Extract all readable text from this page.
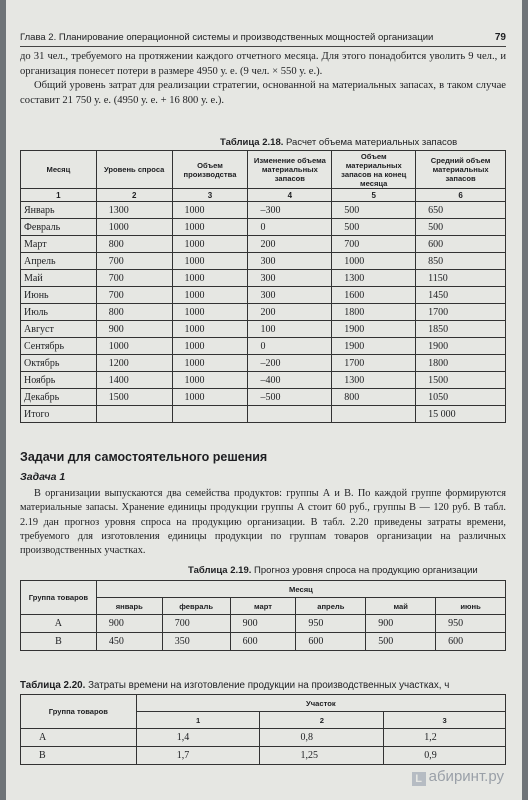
Глава 2. Планирование операционной системы и производственных мощностей организации	79

до 31 чел., требуемого на протяжении каждого отчетного месяца. Для этого понадобится уволить 9 чел., и организация понесет потери в размере 4950 у. е. (9 чел. × 550 у. е.).

Общий уровень затрат для реализации стратегии, основанной на материальных запасах, в таком случае составит 21 750 у. е. (4950 у. е. + 16 800 у. е.).

Таблица 2.18. Расчет объема материальных запасов
Месяц	Уровень спроса	Объем производства	Изменение объема материальных запасов	Объем материальных запасов на конец месяца	Средний объем материальных запасов
1	2	3	4	5	6
Январь	1300	1000	–300	500	650
Февраль	1000	1000	0	500	500
Март	800	1000	200	700	600
Апрель	700	1000	300	1000	850
Май	700	1000	300	1300	1150
Июнь	700	1000	300	1600	1450
Июль	800	1000	200	1800	1700
Август	900	1000	100	1900	1850
Сентябрь	1000	1000	0	1900	1900
Октябрь	1200	1000	–200	1700	1800
Ноябрь	1400	1000	–400	1300	1500
Декабрь	1500	1000	–500	800	1050
Итого					15 000
Задачи для самостоятельного решения
Задача 1

В организации выпускаются два семейства продуктов: группы А и В. По каждой группе формируются материальные запасы. Хранение единицы продукции группы А стоит 60 руб., группы В — 120 руб. В табл. 2.19 дан прогноз уровня спроса на продукцию организации. В табл. 2.20 приведены затраты времени, требуемого для изготовления единицы продукции по группам товаров организации на различных производственных участках.

Таблица 2.19. Прогноз уровня спроса на продукцию организации
Группа товаров	Месяц					
	январь	февраль	март	апрель	май	июнь
A	900	700	900	950	900	950
B	450	350	600	600	500	600
Таблица 2.20. Затраты времени на изготовление продукции на производственных участках, ч
Группа товаров	Участок		
	1	2	3
A	1,4	0,8	1,2
B	1,7	1,25	0,9
L абиринт.ру
